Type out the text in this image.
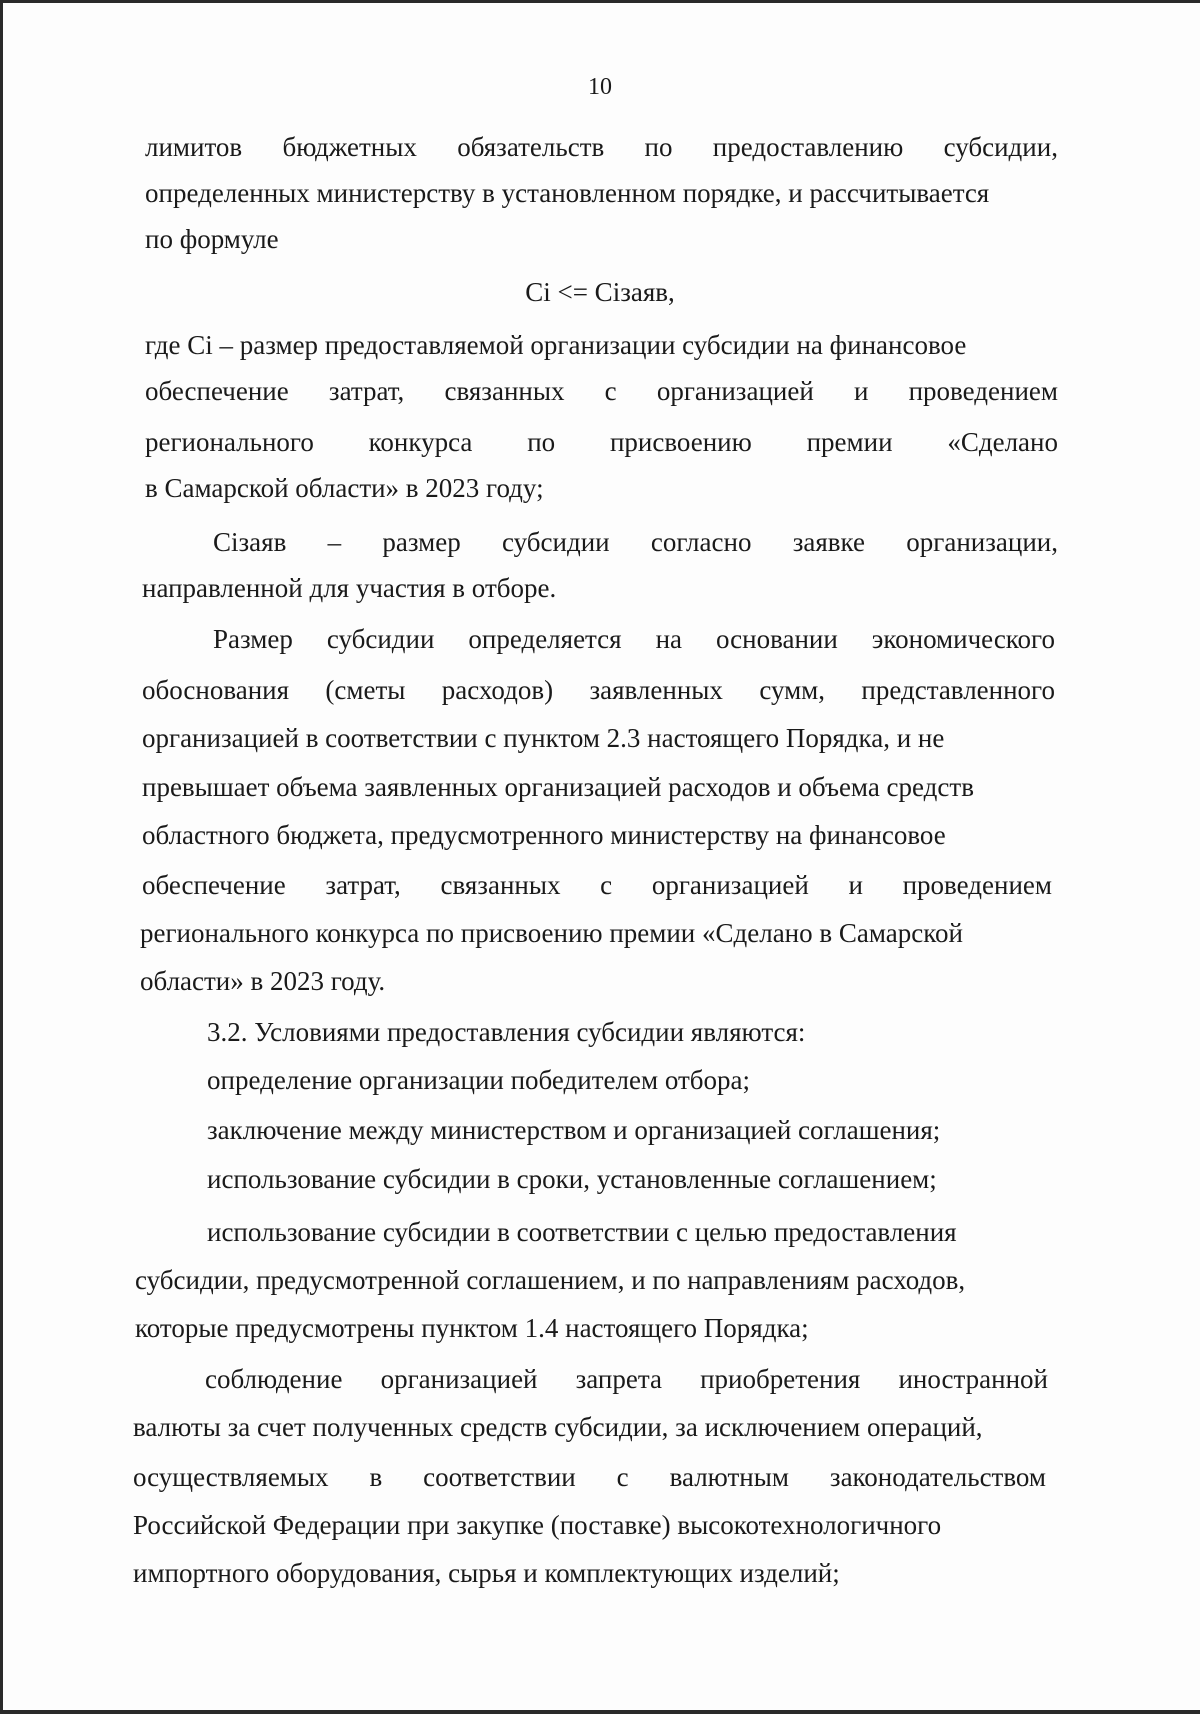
10
лимитов бюджетных обязательств по предоставлению субсидии,
определенных министерству в установленном порядке, и рассчитывается
по формуле
Ci <= Ciзаяв,
где Ci – размер предоставляемой организации субсидии на финансовое
обеспечение затрат, связанных с организацией и проведением
регионального конкурса по присвоению премии «Сделано
в Самарской области» в 2023 году;
Ciзаяв – размер субсидии согласно заявке организации,
направленной для участия в отборе.
Размер субсидии определяется на основании экономического
обоснования (сметы расходов) заявленных сумм, представленного
организацией в соответствии с пунктом 2.3 настоящего Порядка, и не
превышает объема заявленных организацией расходов и объема средств
областного бюджета, предусмотренного министерству на финансовое
обеспечение затрат, связанных с организацией и проведением
регионального конкурса по присвоению премии «Сделано в Самарской
области» в 2023 году.
3.2. Условиями предоставления субсидии являются:
определение организации победителем отбора;
заключение между министерством и организацией соглашения;
использование субсидии в сроки, установленные соглашением;
использование субсидии в соответствии с целью предоставления
субсидии, предусмотренной соглашением, и по направлениям расходов,
которые предусмотрены пунктом 1.4 настоящего Порядка;
соблюдение организацией запрета приобретения иностранной
валюты за счет полученных средств субсидии, за исключением операций,
осуществляемых в соответствии с валютным законодательством
Российской Федерации при закупке (поставке) высокотехнологичного
импортного оборудования, сырья и комплектующих изделий;
